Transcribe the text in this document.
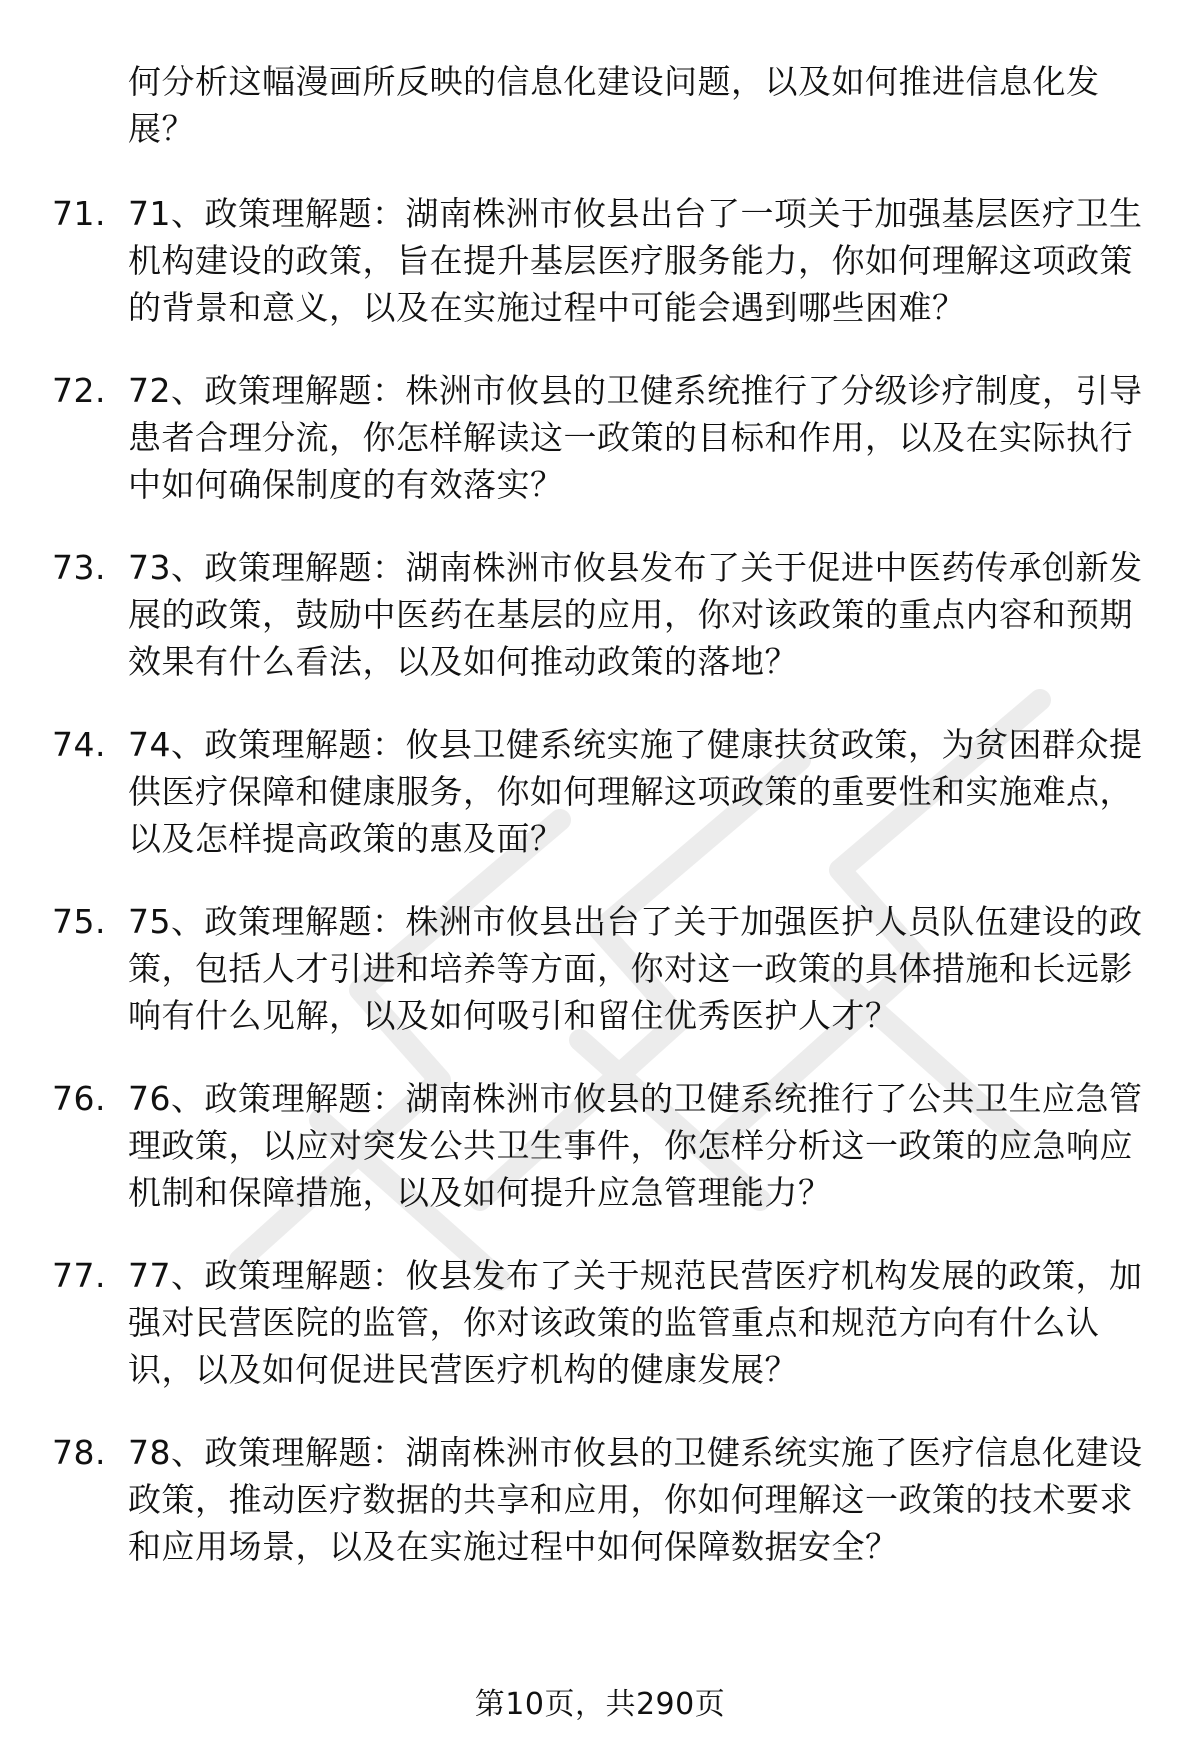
何分析这幅漫画所反映的信息化建设问题，以及如何推进信息化发展？
71. 71、政策理解题：湖南株洲市攸县出台了一项关于加强基层医疗卫生机构建设的政策，旨在提升基层医疗服务能力，你如何理解这项政策的背景和意义，以及在实施过程中可能会遇到哪些困难？
72. 72、政策理解题：株洲市攸县的卫健系统推行了分级诊疗制度，引导患者合理分流，你怎样解读这一政策的目标和作用，以及在实际执行中如何确保制度的有效落实？
73. 73、政策理解题：湖南株洲市攸县发布了关于促进中医药传承创新发展的政策，鼓励中医药在基层的应用，你对该政策的重点内容和预期效果有什么看法，以及如何推动政策的落地？
74. 74、政策理解题：攸县卫健系统实施了健康扶贫政策，为贫困群众提供医疗保障和健康服务，你如何理解这项政策的重要性和实施难点，以及怎样提高政策的惠及面？
75. 75、政策理解题：株洲市攸县出台了关于加强医护人员队伍建设的政策，包括人才引进和培养等方面，你对这一政策的具体措施和长远影响有什么见解，以及如何吸引和留住优秀医护人才？
76. 76、政策理解题：湖南株洲市攸县的卫健系统推行了公共卫生应急管理政策，以应对突发公共卫生事件，你怎样分析这一政策的应急响应机制和保障措施，以及如何提升应急管理能力？
77. 77、政策理解题：攸县发布了关于规范民营医疗机构发展的政策，加强对民营医院的监管，你对该政策的监管重点和规范方向有什么认识，以及如何促进民营医疗机构的健康发展？
78. 78、政策理解题：湖南株洲市攸县的卫健系统实施了医疗信息化建设政策，推动医疗数据的共享和应用，你如何理解这一政策的技术要求和应用场景，以及在实施过程中如何保障数据安全？
第10页，共290页
